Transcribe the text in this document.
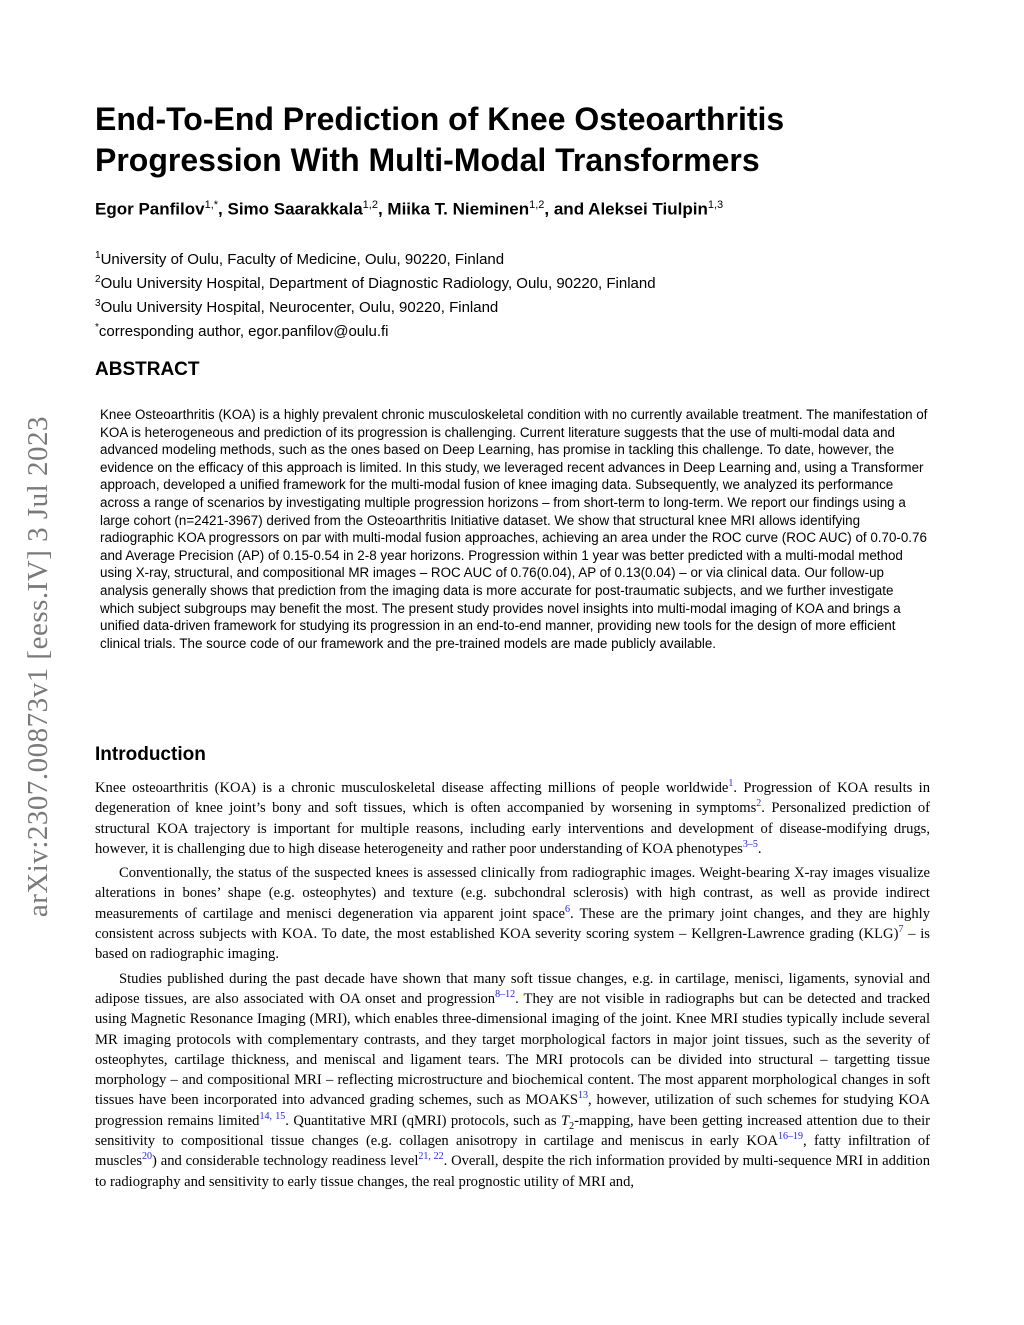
arXiv:2307.00873v1 [eess.IV] 3 Jul 2023
End-To-End Prediction of Knee Osteoarthritis
Progression With Multi-Modal Transformers
Egor Panfilov$^{1,*}$, Simo Saarakkala$^{1,2}$, Miika T. Nieminen$^{1,2}$, and Aleksei Tiulpin$^{1,3}$
$^1$University of Oulu, Faculty of Medicine, Oulu, 90220, Finland
$^2$Oulu University Hospital, Department of Diagnostic Radiology, Oulu, 90220, Finland
$^3$Oulu University Hospital, Neurocenter, Oulu, 90220, Finland
*corresponding author, egor.panfilov@oulu.fi
ABSTRACT

Knee Osteoarthritis (KOA) is a highly prevalent chronic musculoskeletal condition with no currently available treatment. The manifestation of KOA is heterogeneous and prediction of its progression is challenging. Current literature suggests that the use of multi-modal data and advanced modeling methods, such as the ones based on Deep Learning, has promise in tackling this challenge. To date, however, the evidence on the efficacy of this approach is limited. In this study, we leveraged recent advances in Deep Learning and, using a Transformer approach, developed a unified framework for the multi-modal fusion of knee imaging data. Subsequently, we analyzed its performance across a range of scenarios by investigating multiple progression horizons – from short-term to long-term. We report our findings using a large cohort (n=2421-3967) derived from the Osteoarthritis Initiative dataset. We show that structural knee MRI allows identifying radiographic KOA progressors on par with multi-modal fusion approaches, achieving an area under the ROC curve (ROC AUC) of 0.70-0.76 and Average Precision (AP) of 0.15-0.54 in 2-8 year horizons. Progression within 1 year was better predicted with a multi-modal method using X-ray, structural, and compositional MR images – ROC AUC of 0.76(0.04), AP of 0.13(0.04) – or via clinical data. Our follow-up analysis generally shows that prediction from the imaging data is more accurate for post-traumatic subjects, and we further investigate which subject subgroups may benefit the most. The present study provides novel insights into multi-modal imaging of KOA and brings a unified data-driven framework for studying its progression in an end-to-end manner, providing new tools for the design of more efficient clinical trials. The source code of our framework and the pre-trained models are made publicly available.

Introduction

Knee osteoarthritis (KOA) is a chronic musculoskeletal disease affecting millions of people worldwide$^1$. Progression of KOA results in degeneration of knee joint’s bony and soft tissues, which is often accompanied by worsening in symptoms$^2$. Personalized prediction of structural KOA trajectory is important for multiple reasons, including early interventions and development of disease-modifying drugs, however, it is challenging due to high disease heterogeneity and rather poor understanding of KOA phenotypes$^{3-5}$.

Conventionally, the status of the suspected knees is assessed clinically from radiographic images. Weight-bearing X-ray images visualize alterations in bones’ shape (e.g. osteophytes) and texture (e.g. subchondral sclerosis) with high contrast, as well as provide indirect measurements of cartilage and menisci degeneration via apparent joint space$^6$. These are the primary joint changes, and they are highly consistent across subjects with KOA. To date, the most established KOA severity scoring system – Kellgren-Lawrence grading (KLG)$^7$ – is based on radiographic imaging.

Studies published during the past decade have shown that many soft tissue changes, e.g. in cartilage, menisci, ligaments, synovial and adipose tissues, are also associated with OA onset and progression$^{8-12}$. They are not visible in radiographs but can be detected and tracked using Magnetic Resonance Imaging (MRI), which enables three-dimensional imaging of the joint. Knee MRI studies typically include several MR imaging protocols with complementary contrasts, and they target morphological factors in major joint tissues, such as the severity of osteophytes, cartilage thickness, and meniscal and ligament tears. The MRI protocols can be divided into structural – targetting tissue morphology – and compositional MRI – reflecting microstructure and biochemical content. The most apparent morphological changes in soft tissues have been incorporated into advanced grading schemes, such as MOAKS$^{13}$, however, utilization of such schemes for studying KOA progression remains limited$^{14, 15}$. Quantitative MRI (qMRI) protocols, such as $T_2$-mapping, have been getting increased attention due to their sensitivity to compositional tissue changes (e.g. collagen anisotropy in cartilage and meniscus in early KOA$^{16-19}$, fatty infiltration of muscles$^{20}$) and considerable technology readiness level$^{21, 22}$. Overall, despite the rich information provided by multi-sequence MRI in addition to radiography and sensitivity to early tissue changes, the real prognostic utility of MRI and,
